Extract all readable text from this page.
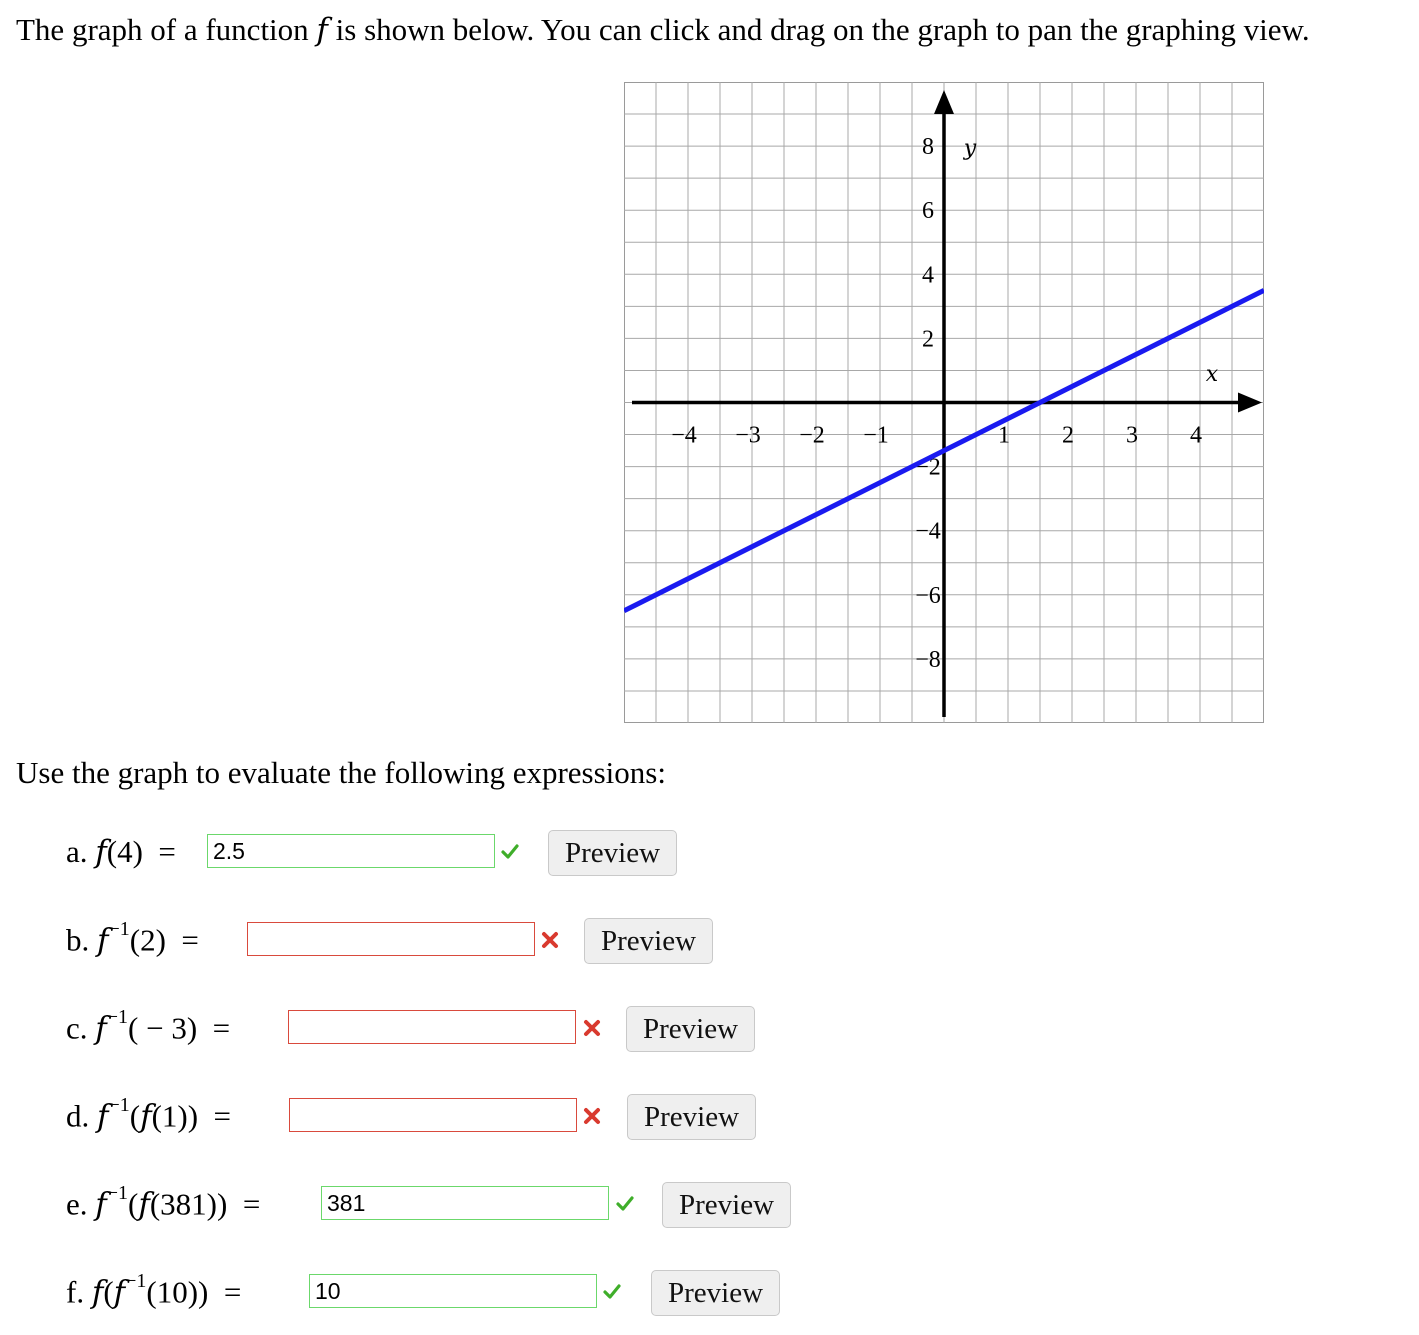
The graph of a function f is shown below. You can click and drag on the graph to pan the graphing view.
−4 −3 −2 −1	1 2 3 4
8
6
4
2
−2
−4
−6
−8
x
y
Use the graph to evaluate the following expressions:
a. f(4)  =
2.5	Preview
b. $f^{-1}(2)$  =	Preview
c. $f^{-1}( - 3)$  =	Preview
d. $f^{-1}(f(1))$  =	Preview
e. $f^{-1}(f(381))$  =
381	Preview
f. $f(f^{-1}(10))$  =
10	Preview
